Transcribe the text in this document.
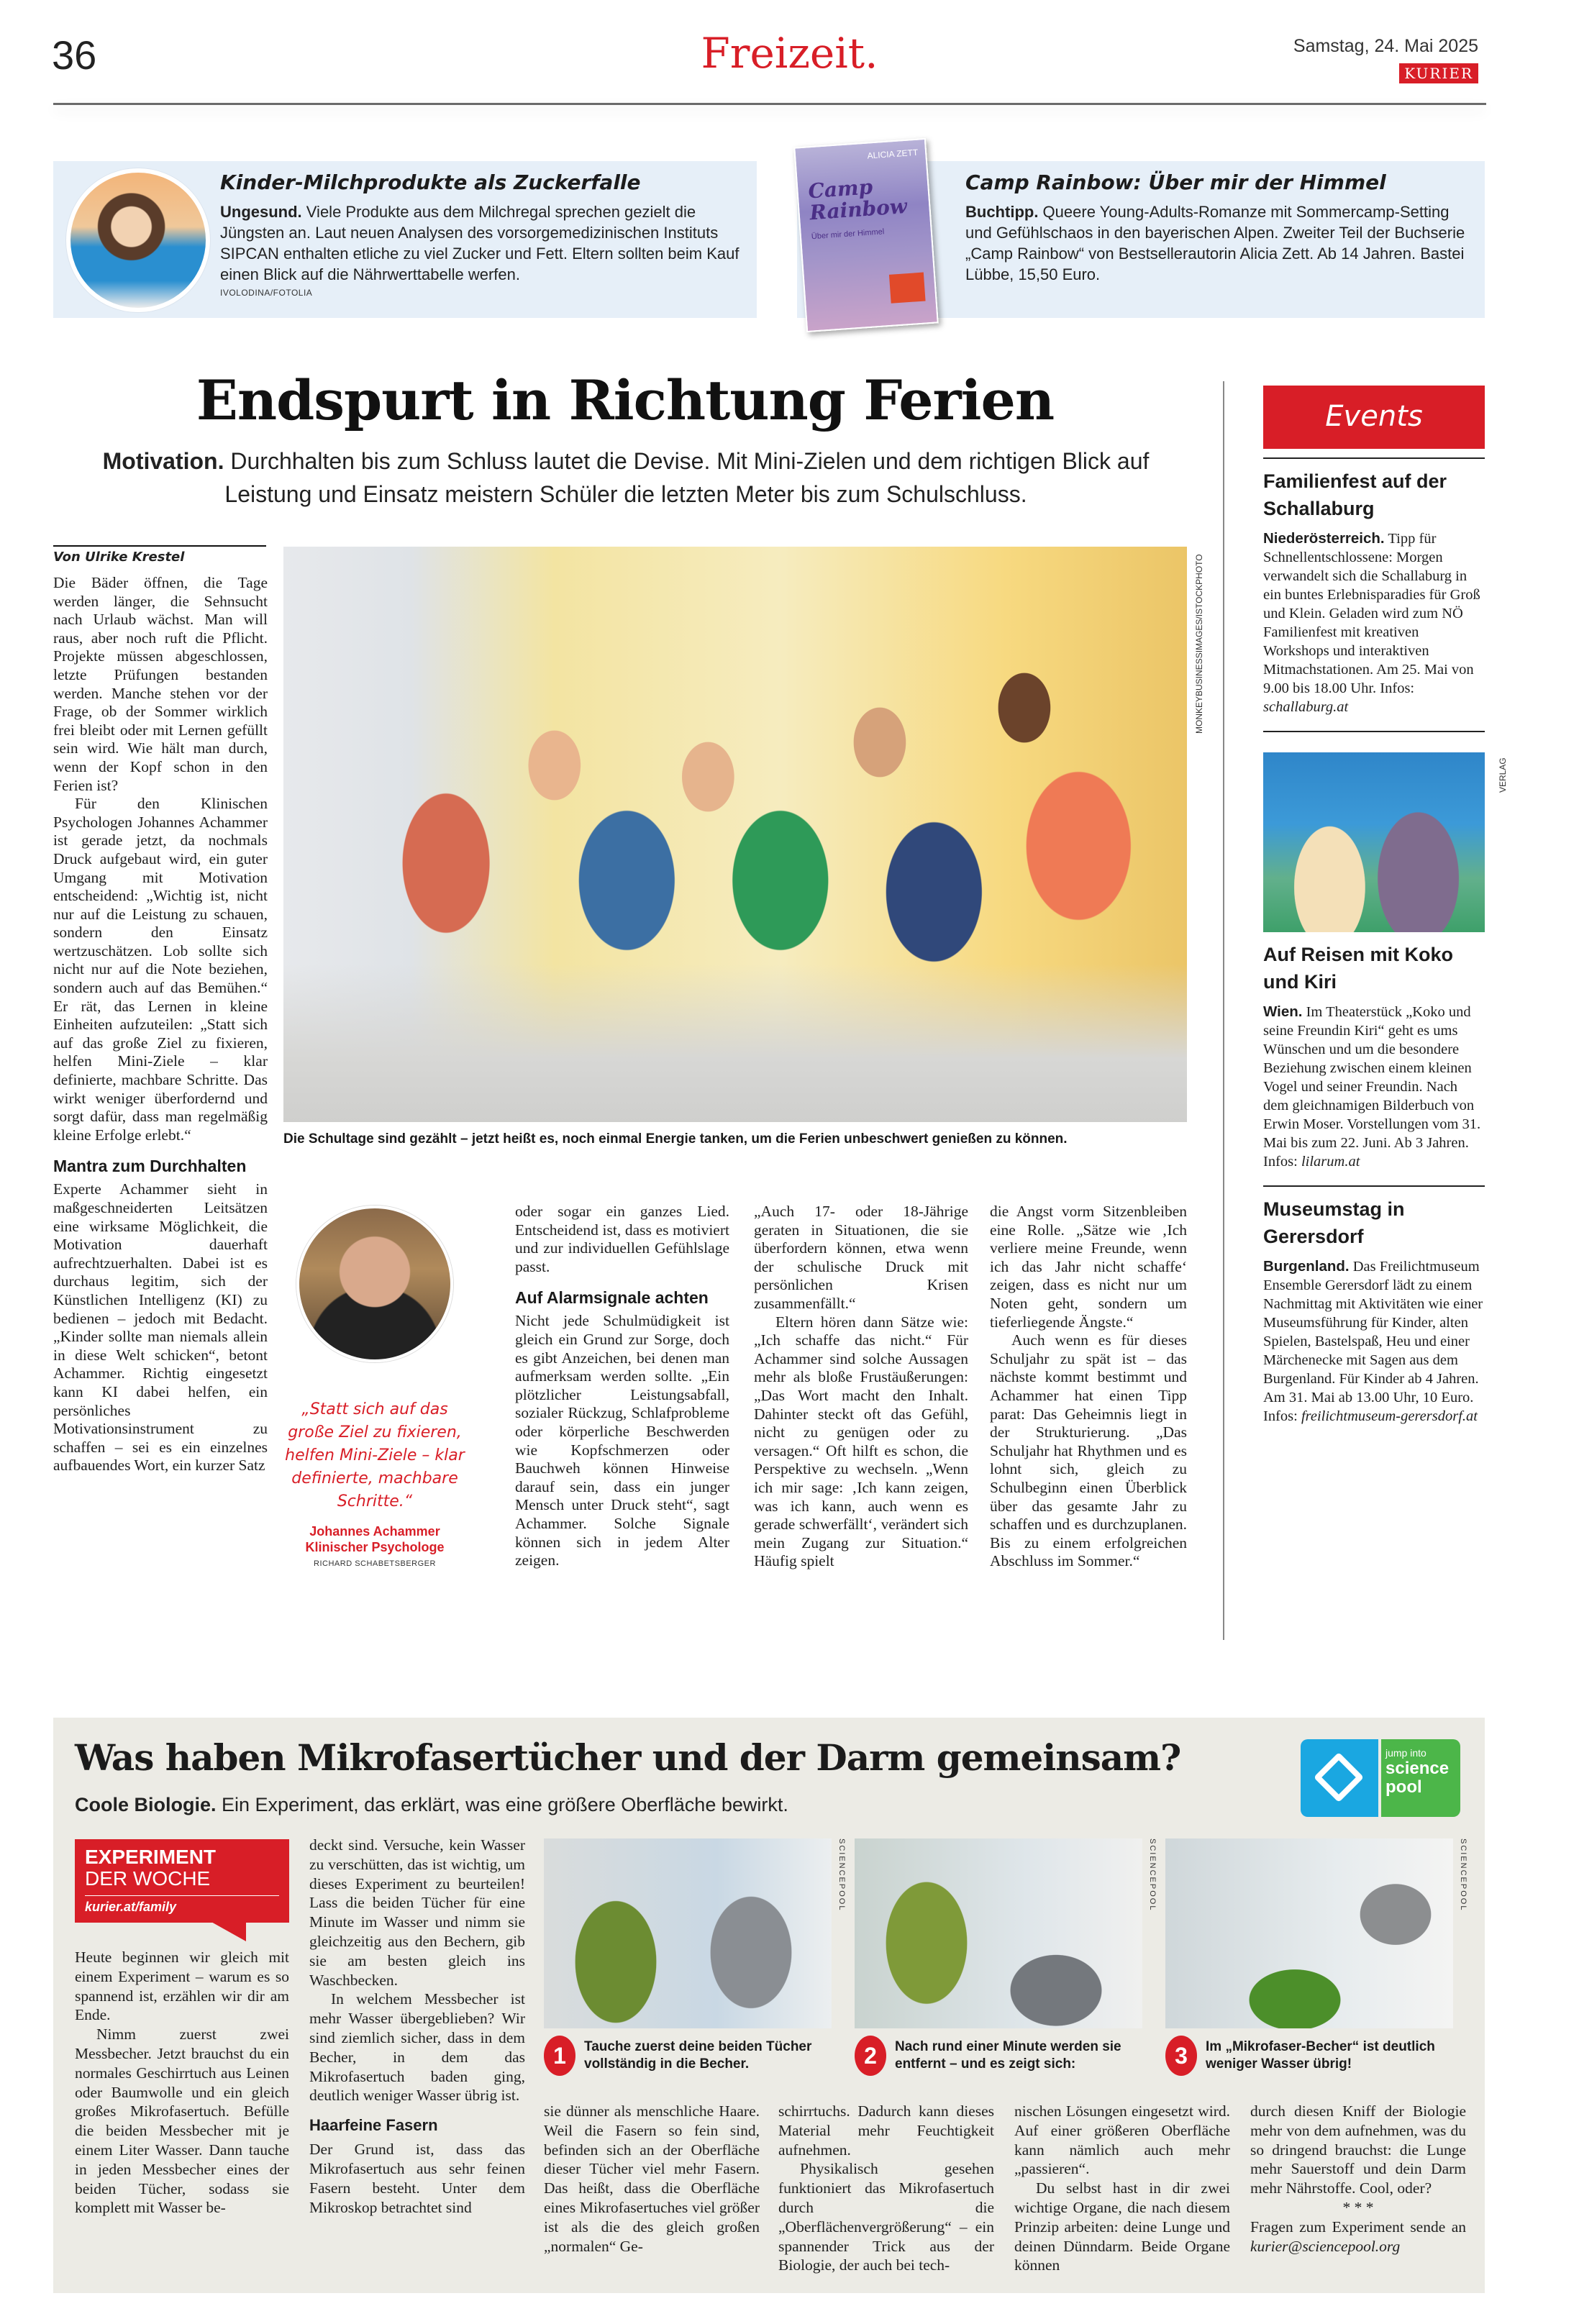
36	Freizeit.	Samstag, 24. Mai 2025
KURIER
Kinder-Milchprodukte als Zuckerfalle

Ungesund. Viele Produkte aus dem Milchregal sprechen gezielt die Jüngsten an. Laut neuen Analysen des vorsorgemedizinischen Instituts SIPCAN enthalten etliche zu viel Zucker und Fett. Eltern sollten beim Kauf einen Blick auf die Nährwerttabelle werfen.

IVOLODINA/FOTOLIA
ALICIA ZETT
Camp Rainbow
Über mir der Himmel
Camp Rainbow: Über mir der Himmel

Buchtipp. Queere Young-Adults-Romanze mit Sommercamp-Setting und Gefühlschaos in den bayerischen Alpen. Zweiter Teil der Buchserie „Camp Rainbow“ von Bestsellerautorin Alicia Zett. Ab 14 Jahren. Bastei Lübbe, 15,50 Euro.

Endspurt in Richtung Ferien
Motivation. Durchhalten bis zum Schluss lautet die Devise. Mit Mini-Zielen und dem richtigen Blick auf Leistung und Einsatz meistern Schüler die letzten Meter bis zum Schulschluss.
Von Ulrike Krestel

Die Bäder öffnen, die Tage werden länger, die Sehnsucht nach Urlaub wächst. Man will raus, aber noch ruft die Pflicht. Projekte müssen abgeschlossen, letzte Prüfungen bestanden werden. Manche stehen vor der Frage, ob der Sommer wirklich frei bleibt oder mit Lernen gefüllt sein wird. Wie hält man durch, wenn der Kopf schon in den Ferien ist?

Für den Klinischen Psychologen Johannes Achammer ist gerade jetzt, da nochmals Druck aufgebaut wird, ein guter Umgang mit Motivation entscheidend: „Wichtig ist, nicht nur auf die Leistung zu schauen, sondern den Einsatz wertzuschätzen. Lob sollte sich nicht nur auf die Note beziehen, sondern auch auf das Bemühen.“ Er rät, das Lernen in kleine Einheiten aufzuteilen: „Statt sich auf das große Ziel zu fixieren, helfen Mini-Ziele – klar definierte, machbare Schritte. Das wirkt weniger überfordernd und sorgt dafür, dass man regelmäßig kleine Erfolge erlebt.“

Mantra zum Durchhalten

Experte Achammer sieht in maßgeschneiderten Leitsätzen eine wirksame Möglichkeit, die Motivation dauerhaft aufrechtzuerhalten. Dabei ist es durchaus legitim, sich der Künstlichen Intelligenz (KI) zu bedienen – jedoch mit Bedacht. „Kinder sollte man niemals allein in diese Welt schicken“, betont Achammer. Richtig eingesetzt kann KI dabei helfen, ein persönliches Motivationsinstrument zu schaffen – sei es ein einzelnes aufbauendes Wort, ein kurzer Satz

MONKEYBUSINESSIMAGES/ISTOCKPHOTO
Die Schultage sind gezählt – jetzt heißt es, noch einmal Energie tanken, um die Ferien unbeschwert genießen zu können.
„Statt sich auf das große Ziel zu fixieren, helfen Mini-Ziele – klar definierte, machbare Schritte.“
Johannes Achammer
Klinischer Psychologe
RICHARD SCHABETSBERGER

oder sogar ein ganzes Lied. Entscheidend ist, dass es motiviert und zur individuellen Gefühlslage passt.

Auf Alarmsignale achten

Nicht jede Schulmüdigkeit ist gleich ein Grund zur Sorge, doch es gibt Anzeichen, bei denen man aufmerksam werden sollte. „Ein plötzlicher Leistungsabfall, sozialer Rückzug, Schlafprobleme oder körperliche Beschwerden wie Kopfschmerzen oder Bauchweh können Hinweise darauf sein, dass ein junger Mensch unter Druck steht“, sagt Achammer. Solche Signale können sich in jedem Alter zeigen.

„Auch 17- oder 18-Jährige geraten in Situationen, die sie überfordern können, etwa wenn der schulische Druck mit persönlichen Krisen zusammenfällt.“

Eltern hören dann Sätze wie: „Ich schaffe das nicht.“ Für Achammer sind solche Aussagen mehr als bloße Frustäußerungen: „Das Wort macht den Inhalt. Dahinter steckt oft das Gefühl, nicht zu genügen oder zu versagen.“ Oft hilft es schon, die Perspektive zu wechseln. „Wenn ich mir sage: ‚Ich kann zeigen, was ich kann, auch wenn es gerade schwerfällt‘, verändert sich mein Zugang zur Situation.“ Häufig spielt

die Angst vorm Sitzenbleiben eine Rolle. „Sätze wie ‚Ich verliere meine Freunde, wenn ich das Jahr nicht schaffe‘ zeigen, dass es nicht nur um Noten geht, sondern um tieferliegende Ängste.“

Auch wenn es für dieses Schuljahr zu spät ist – das nächste kommt bestimmt und Achammer hat einen Tipp parat: Das Geheimnis liegt in der Strukturierung. „Das Schuljahr hat Rhythmen und es lohnt sich, gleich zu Schulbeginn einen Überblick über das gesamte Jahr zu schaffen und es durchzuplanen. Bis zu einem erfolgreichen Abschluss im Sommer.“

Events
Familienfest auf der Schallaburg
Niederösterreich. Tipp für Schnellentschlossene: Morgen verwandelt sich die Schallaburg in ein buntes Erlebnisparadies für Groß und Klein. Geladen wird zum NÖ Familienfest mit kreativen Workshops und interaktiven Mitmachstationen. Am 25. Mai von 9.00 bis 18.00 Uhr. Infos: schallaburg.at
VERLAG
Auf Reisen mit Koko und Kiri
Wien. Im Theaterstück „Koko und seine Freundin Kiri“ geht es ums Wünschen und um die besondere Beziehung zwischen einem kleinen Vogel und seiner Freundin. Nach dem gleichnamigen Bilderbuch von Erwin Moser. Vorstellungen vom 31. Mai bis zum 22. Juni. Ab 3 Jahren. Infos: lilarum.at
Museumstag in Gerersdorf
Burgenland. Das Freilichtmuseum Ensemble Gerersdorf lädt zu einem Nachmittag mit Aktivitäten wie einer Museumsführung für Kinder, alten Spielen, Bastelspaß, Heu und einer Märchenecke mit Sagen aus dem Burgenland. Für Kinder ab 4 Jahren. Am 31. Mai ab 13.00 Uhr, 10 Euro. Infos: freilichtmuseum-gerersdorf.at
Was haben Mikrofasertücher und der Darm gemeinsam?
Coole Biologie. Ein Experiment, das erklärt, was eine größere Oberfläche bewirkt.
jump into
science
pool
EXPERIMENT
DER WOCHE
kurier.at/family

Heute beginnen wir gleich mit einem Experiment – warum es so spannend ist, erzählen wir dir am Ende.

Nimm zuerst zwei Messbecher. Jetzt brauchst du ein normales Geschirrtuch aus Leinen oder Baumwolle und ein gleich großes Mikrofasertuch. Befülle die beiden Messbecher mit je einem Liter Wasser. Dann tauche in jeden Messbecher eines der beiden Tücher, sodass sie komplett mit Wasser be-

deckt sind. Versuche, kein Wasser zu verschütten, das ist wichtig, um dieses Experiment zu beurteilen! Lass die beiden Tücher für eine Minute im Wasser und nimm sie gleichzeitig aus den Bechern, gib sie am besten gleich ins Waschbecken.

In welchem Messbecher ist mehr Wasser übergeblieben? Wir sind ziemlich sicher, dass in dem Becher, in dem das Mikrofasertuch baden ging, deutlich weniger Wasser übrig ist.

Haarfeine Fasern

Der Grund ist, dass das Mikrofasertuch aus sehr feinen Fasern besteht. Unter dem Mikroskop betrachtet sind

SCIENCEPOOL	SCIENCEPOOL	SCIENCEPOOL
1	Tauche zuerst deine beiden Tücher vollständig in die Becher.	2	Nach rund einer Minute werden sie entfernt – und es zeigt sich:	3	Im „Mikrofaser-Becher“ ist deutlich weniger Wasser übrig!

sie dünner als menschliche Haare. Weil die Fasern so fein sind, befinden sich an der Oberfläche dieser Tücher viel mehr Fasern. Das heißt, dass die Oberfläche eines Mikrofasertuches viel größer ist als die des gleich großen „normalen“ Ge-

schirrtuchs. Dadurch kann dieses Material mehr Feuchtigkeit aufnehmen.

Physikalisch gesehen funktioniert das Mikrofasertuch durch die „Oberflächenvergrößerung“ – ein spannender Trick aus der Biologie, der auch bei tech-

nischen Lösungen eingesetzt wird. Auf einer größeren Oberfläche kann nämlich auch mehr „passieren“.

Du selbst hast in dir zwei wichtige Organe, die nach diesem Prinzip arbeiten: deine Lunge und deinen Dünndarm. Beide Organe können

durch diesen Kniff der Biologie mehr von dem aufnehmen, was du so dringend brauchst: die Lunge mehr Sauerstoff und dein Darm mehr Nährstoffe. Cool, oder?

* * *

Fragen zum Experiment sende an kurier@sciencepool.org
